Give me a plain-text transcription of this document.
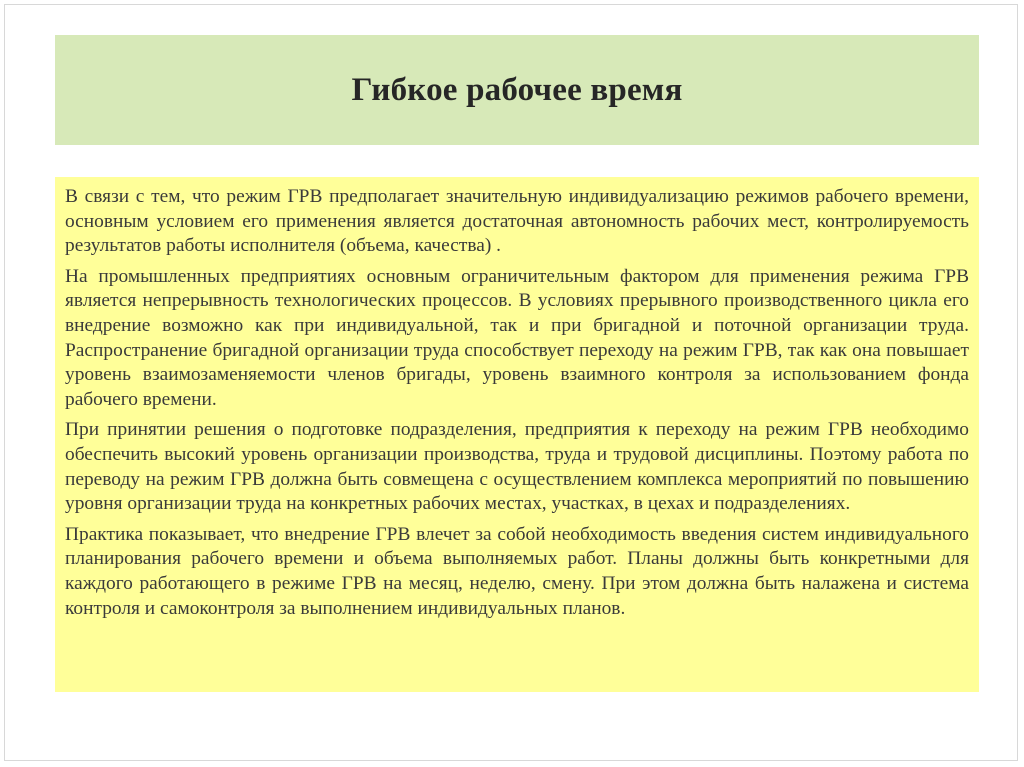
Гибкое рабочее время

В связи с тем, что режим ГРВ предполагает значительную индивидуализацию режимов рабочего времени, основным условием его применения является достаточная автономность рабочих мест, контролируемость результатов работы исполнителя (объема, качества) .

На промышленных предприятиях основным ограничительным фактором для применения режима ГРВ является непрерывность технологических процессов. В условиях прерывного производственного цикла его внедрение возможно как при индивидуальной, так и при бригадной и поточной организации труда. Распространение бригадной организации труда способствует переходу на режим ГРВ, так как она повышает уровень взаимозаменяемости членов бригады, уровень взаимного контроля за использованием фонда рабочего времени.

При принятии решения о подготовке подразделения, предприятия к переходу на режим ГРВ необходимо обеспечить высокий уровень организации производства, труда и трудовой дисциплины. Поэтому работа по переводу на режим ГРВ должна быть совмещена с осуществлением комплекса мероприятий по повышению уровня организации труда на конкретных рабочих местах, участках, в цехах и подразделениях.

Практика показывает, что внедрение ГРВ влечет за собой необходимость введения систем индивидуального планирования рабочего времени и объема выполняемых работ. Планы должны быть конкретными для каждого работающего в режиме ГРВ на месяц, неделю, смену. При этом должна быть налажена и система контроля и самоконтроля за выполнением индивидуальных планов.
